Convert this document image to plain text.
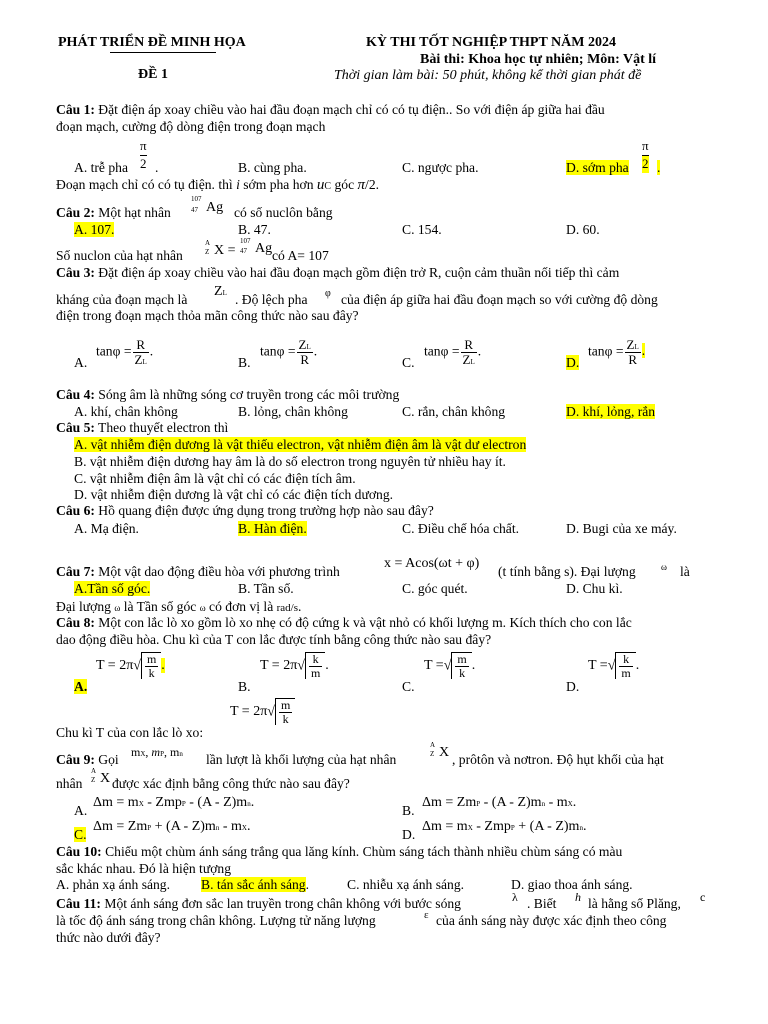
PHÁT TRIỂN ĐỀ MINH HỌA
ĐỀ 1
KỲ THI TỐT NGHIỆP THPT NĂM 2024
Bài thi: Khoa học tự nhiên; Môn: Vật lí
Thời gian làm bài: 50 phút, không kể thời gian phát đề
Câu 1: Đặt điện áp xoay chiều vào hai đầu đoạn mạch chỉ có có tụ điện.. So với điện áp giữa hai đầu
đoạn mạch, cường độ dòng điện trong đoạn mạch
A. trễ pha
π
2 .	B. cùng pha.	C. ngược pha.	D. sớm pha
π
2 .
Đoạn mạch chỉ có có tụ điện. thì i sớm pha hơn uC góc π/2.
Câu 2: Một hạt nhân
107
47 Ag có số nuclôn bằng
A. 107.	B. 47.	C. 154.	D. 60.
Số nuclon của hạt nhân
A
Z X =
107
47 Ag có A= 107
Câu 3: Đặt điện áp xoay chiều vào hai đầu đoạn mạch gồm điện trở R, cuộn cảm thuần nối tiếp thì cảm
kháng của đoạn mạch là
ZL . Độ lệch pha φ của điện áp giữa hai đầu đoạn mạch so với cường độ dòng
điện trong đoạn mạch thỏa mãn công thức nào sau đây?
A.
$\tan\varphi = \frac{R}{ZL}$ .
B.
$\tan\varphi = \frac{ZL}{R}$ .
C.
$\tan\varphi = \frac{R}{ZL}$ .
D.
$\tan\varphi = \frac{ZL}{R}$ .
Câu 4: Sóng âm là những sóng cơ truyền trong các môi trường
A. khí, chân không	B. lỏng, chân không	C. rắn, chân không	D. khí, lỏng, rắn
Câu 5: Theo thuyết electron thì
A. vật nhiễm điện dương là vật thiếu electron, vật nhiễm điện âm là vật dư electron
B. vật nhiễm điện dương hay âm là do số electron trong nguyên tử nhiều hay ít.
C. vật nhiễm điện âm là vật chỉ có các điện tích âm.
D. vật nhiễm điện dương là vật chỉ có các điện tích dương.
Câu 6: Hồ quang điện được ứng dụng trong trường hợp nào sau đây?
A. Mạ điện.	B. Hàn điện.	C. Điều chế hóa chất.	D. Bugi của xe máy.
Câu 7: Một vật dao động điều hòa với phương trình
x = Acos(ωt + φ)
(t tính bằng s). Đại lượng	ω là
A.Tần số góc.	B. Tần số.	C. góc quét.	D. Chu kì.
Đại lượng ω là Tần số góc ω có đơn vị là rad/s.
Câu 8: Một con lắc lò xo gồm lò xo nhẹ có độ cứng k và vật nhỏ có khối lượng m. Kích thích cho con lắc
dao động điều hòa. Chu kì của T con lắc được tính bằng công thức nào sau đây?
A.
$T = 2\pi√ \frac{m}{k}$ .
B.
$T = 2\pi√ \frac{k}{m}$ .
C.
T =√ $\frac{m}{k}$ .
D.
T =√ $\frac{k}{m}$ .
Chu kì T của con lắc lò xo:
$T = 2\pi√ \frac{m}{k}$
Câu 9: Gọi mX, mP, mn lần lượt là khối lượng của hạt nhân
A
Z X , prôtôn và nơtron. Độ hụt khối của hạt
nhân
A
Z X được xác định bằng công thức nào sau đây?
A.
Δm = mX - ZmpP - (A - Z)mn.
B.
Δm = ZmP - (A - Z)mn - mX.
C.
Δm = ZmP + (A - Z)mn - mX.
D.
Δm = mX - ZmpP + (A - Z)mn.
Câu 10: Chiếu một chùm ánh sáng trắng qua lăng kính. Chùm sáng tách thành nhiều chùm sáng có màu
sắc khác nhau. Đó là hiện tượng
A. phản xạ ánh sáng. B. tán sắc ánh sáng.	C. nhiễu xạ ánh sáng.	D. giao thoa ánh sáng.
Câu 11: Một ánh sáng đơn sắc lan truyền trong chân không với bước sóng	λ . Biết h là hằng số Plăng, c
là tốc độ ánh sáng trong chân không. Lượng tử năng lượng	ε của ánh sáng này được xác định theo công
thức nào dưới đây?
